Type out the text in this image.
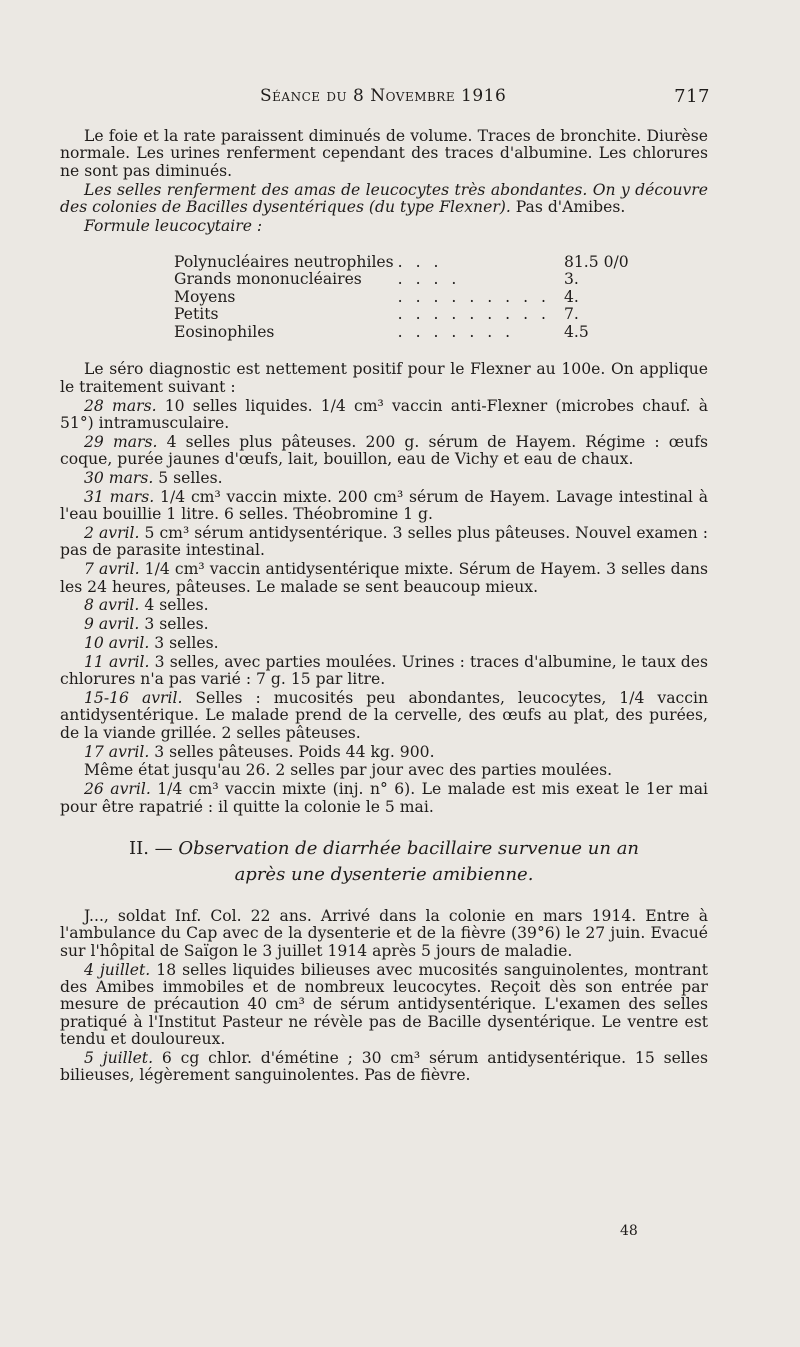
Séance du 8 Novembre 1916	717

Le foie et la rate paraissent diminués de volume. Traces de bronchite. Diurèse normale. Les urines renferment cependant des traces d'albumine. Les chlorures ne sont pas diminués.

Les selles renferment des amas de leucocytes très abondantes. On y découvre des colonies de Bacilles dysentériques (du type Flexner). Pas d'Amibes.

Formule leucocytaire :
Polynucléaires neutrophiles	. . .	81.5 0/0
Grands mononucléaires	. . . .	3.
Moyens	. . . . . . . . .	4.
Petits	. . . . . . . . .	7.
Eosinophiles	. . . . . . .	4.5

Le séro diagnostic est nettement positif pour le Flexner au 100e. On applique le traitement suivant :

28 mars. 10 selles liquides. 1/4 cm³ vaccin anti-Flexner (microbes chauf. à 51°) intramusculaire.

29 mars. 4 selles plus pâteuses. 200 g. sérum de Hayem. Régime : œufs coque, purée jaunes d'œufs, lait, bouillon, eau de Vichy et eau de chaux.

30 mars. 5 selles.

31 mars. 1/4 cm³ vaccin mixte. 200 cm³ sérum de Hayem. Lavage intestinal à l'eau bouillie 1 litre. 6 selles. Théobromine 1 g.

2 avril. 5 cm³ sérum antidysentérique. 3 selles plus pâteuses. Nouvel examen : pas de parasite intestinal.

7 avril. 1/4 cm³ vaccin antidysentérique mixte. Sérum de Hayem. 3 selles dans les 24 heures, pâteuses. Le malade se sent beaucoup mieux.

8 avril. 4 selles.

9 avril. 3 selles.

10 avril. 3 selles.

11 avril. 3 selles, avec parties moulées. Urines : traces d'albumine, le taux des chlorures n'a pas varié : 7 g. 15 par litre.

15-16 avril. Selles : mucosités peu abondantes, leucocytes, 1/4 vaccin antidysentérique. Le malade prend de la cervelle, des œufs au plat, des purées, de la viande grillée. 2 selles pâteuses.

17 avril. 3 selles pâteuses. Poids 44 kg. 900.

Même état jusqu'au 26. 2 selles par jour avec des parties moulées.

26 avril. 1/4 cm³ vaccin mixte (inj. n° 6). Le malade est mis exeat le 1er mai pour être rapatrié : il quitte la colonie le 5 mai.

II. — Observation de diarrhée bacillaire survenue un an
après une dysenterie amibienne.

J..., soldat Inf. Col. 22 ans. Arrivé dans la colonie en mars 1914. Entre à l'ambulance du Cap avec de la dysenterie et de la fièvre (39°6) le 27 juin. Evacué sur l'hôpital de Saïgon le 3 juillet 1914 après 5 jours de maladie.

4 juillet. 18 selles liquides bilieuses avec mucosités sanguinolentes, montrant des Amibes immobiles et de nombreux leucocytes. Reçoit dès son entrée par mesure de précaution 40 cm³ de sérum antidysentérique. L'examen des selles pratiqué à l'Institut Pasteur ne révèle pas de Bacille dysentérique. Le ventre est tendu et douloureux.

5 juillet. 6 cg chlor. d'émétine ; 30 cm³ sérum antidysentérique. 15 selles bilieuses, légèrement sanguinolentes. Pas de fièvre.

48
